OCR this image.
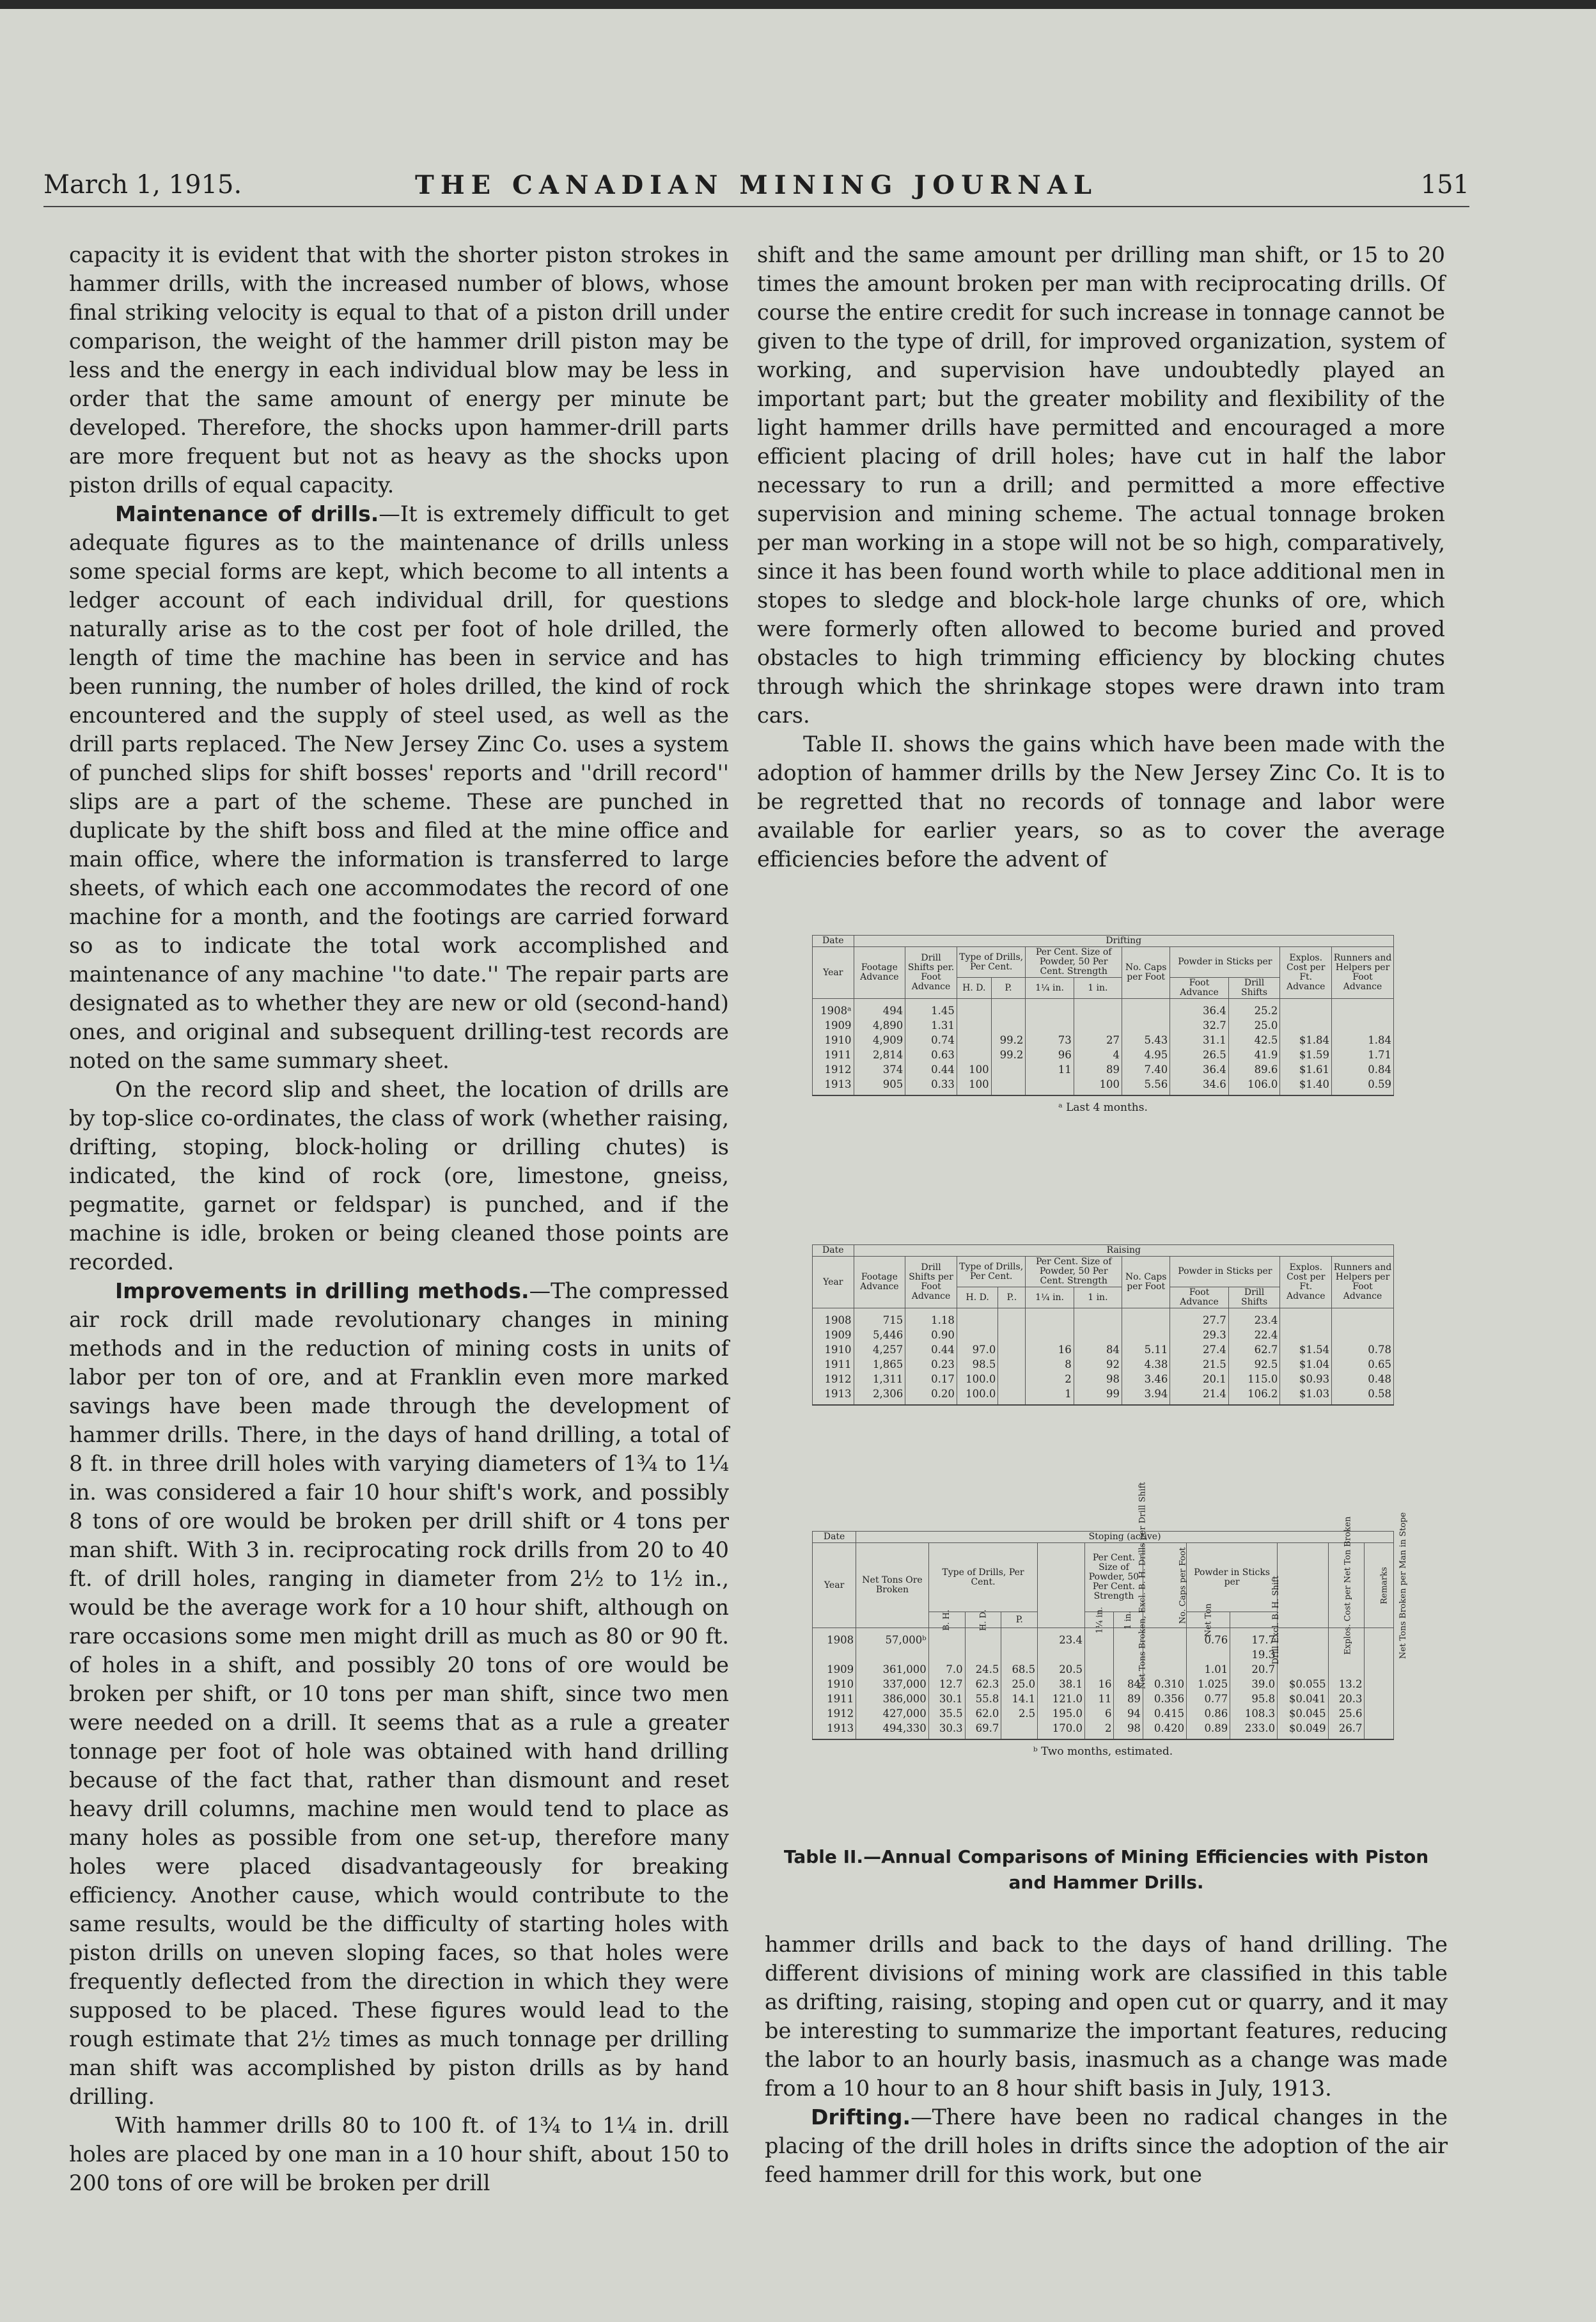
March 1, 1915.	THE CANADIAN MINING JOURNAL	151

capacity it is evident that with the shorter piston strokes in hammer drills, with the increased number of blows, whose final striking velocity is equal to that of a piston drill under comparison, the weight of the hammer drill piston may be less and the energy in each individual blow may be less in order that the same amount of energy per minute be developed. Therefore, the shocks upon hammer-drill parts are more frequent but not as heavy as the shocks upon piston drills of equal capacity.

Maintenance of drills.—It is extremely difficult to get adequate figures as to the maintenance of drills unless some special forms are kept, which become to all intents a ledger account of each individual drill, for questions naturally arise as to the cost per foot of hole drilled, the length of time the machine has been in service and has been running, the number of holes drilled, the kind of rock encountered and the supply of steel used, as well as the drill parts replaced. The New Jersey Zinc Co. uses a system of punched slips for shift bosses' reports and ''drill record'' slips are a part of the scheme. These are punched in duplicate by the shift boss and filed at the mine office and main office, where the information is transferred to large sheets, of which each one accommodates the record of one machine for a month, and the footings are carried forward so as to indicate the total work accomplished and maintenance of any machine ''to date.'' The repair parts are designated as to whether they are new or old (second-hand) ones, and original and subsequent drilling-test records are noted on the same summary sheet.

On the record slip and sheet, the location of drills are by top-slice co-ordinates, the class of work (whether raising, drifting, stoping, block-holing or drilling chutes) is indicated, the kind of rock (ore, limestone, gneiss, pegmatite, garnet or feldspar) is punched, and if the machine is idle, broken or being cleaned those points are recorded.

Improvements in drilling methods.—The compressed air rock drill made revolutionary changes in mining methods and in the reduction of mining costs in units of labor per ton of ore, and at Franklin even more marked savings have been made through the development of hammer drills. There, in the days of hand drilling, a total of 8 ft. in three drill holes with varying diameters of 1¾ to 1¼ in. was considered a fair 10 hour shift's work, and possibly 8 tons of ore would be broken per drill shift or 4 tons per man shift. With 3 in. reciprocating rock drills from 20 to 40 ft. of drill holes, ranging in diameter from 2½ to 1½ in., would be the average work for a 10 hour shift, although on rare occasions some men might drill as much as 80 or 90 ft. of holes in a shift, and possibly 20 tons of ore would be broken per shift, or 10 tons per man shift, since two men were needed on a drill. It seems that as a rule a greater tonnage per foot of hole was obtained with hand drilling because of the fact that, rather than dismount and reset heavy drill columns, machine men would tend to place as many holes as possible from one set-up, therefore many holes were placed disadvantageously for breaking efficiency. Another cause, which would contribute to the same results, would be the difficulty of starting holes with piston drills on uneven sloping faces, so that holes were frequently deflected from the direction in which they were supposed to be placed. These figures would lead to the rough estimate that 2½ times as much tonnage per drilling man shift was accomplished by piston drills as by hand drilling.

With hammer drills 80 to 100 ft. of 1¾ to 1¼ in. drill holes are placed by one man in a 10 hour shift, about 150 to 200 tons of ore will be broken per drill

shift and the same amount per drilling man shift, or 15 to 20 times the amount broken per man with reciprocating drills. Of course the entire credit for such increase in tonnage cannot be given to the type of drill, for improved organization, system of working, and supervision have undoubtedly played an important part; but the greater mobility and flexibility of the light hammer drills have permitted and encouraged a more efficient placing of drill holes; have cut in half the labor necessary to run a drill; and permitted a more effective supervision and mining scheme. The actual tonnage broken per man working in a stope will not be so high, comparatively, since it has been found worth while to place additional men in stopes to sledge and block-hole large chunks of ore, which were formerly often allowed to become buried and proved obstacles to high trimming efficiency by blocking chutes through which the shrinkage stopes were drawn into tram cars.

Table II. shows the gains which have been made with the adoption of hammer drills by the New Jersey Zinc Co. It is to be regretted that no records of tonnage and labor were available for earlier years, so as to cover the average efficiencies before the advent of

Date	Drifting										
Year	Footage Advance	Drill Shifts per. Foot Advance	Type of Drills, Per Cent.		Per Cent. Size of Powder, 50 Per Cent. Strength		No. Caps per Foot	Powder in Sticks per		Explos. Cost per Ft. Advance	Runners and Helpers per Foot Advance
			H. D.	P.	1¼ in.	1 in.		Foot Advance	Drill Shifts		
1908ᵃ	494	1.45						36.4	25.2		
1909	4,890	1.31						32.7	25.0		
1910	4,909	0.74		99.2	73	27	5.43	31.1	42.5	$1.84	1.84
1911	2,814	0.63		99.2	96	4	4.95	26.5	41.9	$1.59	1.71
1912	374	0.44	100		11	89	7.40	36.4	89.6	$1.61	0.84
1913	905	0.33	100			100	5.56	34.6	106.0	$1.40	0.59
ᵃ Last 4 months.
Date	Raising										
Year	Footage Advance	Drill Shifts per Foot Advance	Type of Drills, Per Cent.		Per Cent. Size of Powder, 50 Per Cent. Strength		No. Caps per Foot	Powder in Sticks per		Explos. Cost per Ft. Advance	Runners and Helpers per Foot Advance
			H. D.	P..	1¼ in.	1 in.		Foot Advance	Drill Shifts		
1908	715	1.18						27.7	23.4		
1909	5,446	0.90						29.3	22.4		
1910	4,257	0.44	97.0		16	84	5.11	27.4	62.7	$1.54	0.78
1911	1,865	0.23	98.5		8	92	4.38	21.5	92.5	$1.04	0.65
1912	1,311	0.17	100.0		2	98	3.46	20.1	115.0	$0.93	0.48
1913	2,306	0.20	100.0		1	99	3.94	21.4	106.2	$1.03	0.58
Date	Stoping (active)												
Year	Net Tons Ore Broken	Type of Drills, Per Cent.			Net Tons Broken, Excl. B. H. Drills per Drill Shift	Per Cent. Size of Powder, 50 Per Cent. Strength		No. Caps per Foot	Powder in Sticks per		Explos. Cost per Net Ton Broken	Net Tons Broken per Man in Stope	Remarks
		B. H.	H. D.	P.		1¼ in.	1 in.		Net Ton	Drill Excl. B. H. Shift			
1908	57,000ᵇ				23.4				0.76	17.7			
										19.3			
1909	361,000	7.0	24.5	68.5	20.5				1.01	20.7			
1910	337,000	12.7	62.3	25.0	38.1	16	84	0.310	1.025	39.0	$0.055	13.2	
1911	386,000	30.1	55.8	14.1	121.0	11	89	0.356	0.77	95.8	$0.041	20.3	
1912	427,000	35.5	62.0	2.5	195.0	6	94	0.415	0.86	108.3	$0.045	25.6	
1913	494,330	30.3	69.7		170.0	2	98	0.420	0.89	233.0	$0.049	26.7	
ᵇ Two months, estimated.
Table II.—Annual Comparisons of Mining Efficiencies with Piston and Hammer Drills.

hammer drills and back to the days of hand drilling. The different divisions of mining work are classified in this table as drifting, raising, stoping and open cut or quarry, and it may be interesting to summarize the important features, reducing the labor to an hourly basis, inasmuch as a change was made from a 10 hour to an 8 hour shift basis in July, 1913.

Drifting.—There have been no radical changes in the placing of the drill holes in drifts since the adoption of the air feed hammer drill for this work, but one
